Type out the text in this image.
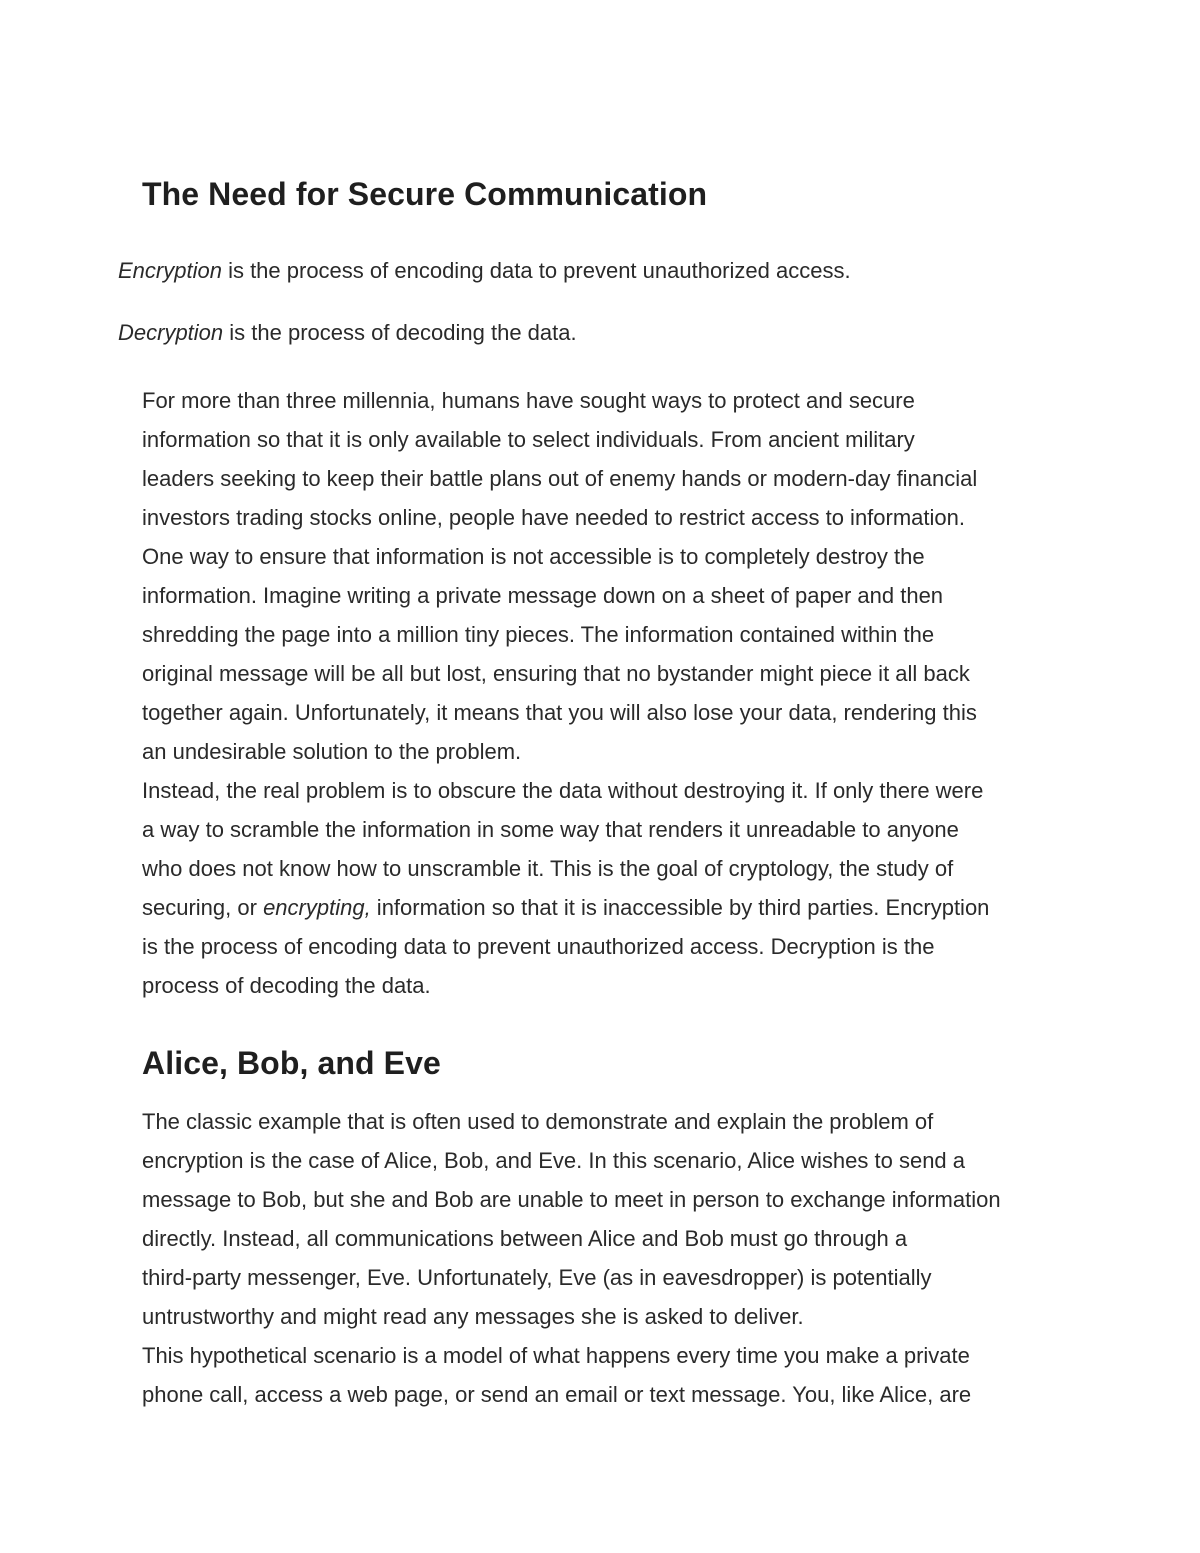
The Need for Secure Communication

Encryption is the process of encoding data to prevent unauthorized access.

Decryption is the process of decoding the data.

For more than three millennia, humans have sought ways to protect and secure
information so that it is only available to select individuals. From ancient military
leaders seeking to keep their battle plans out of enemy hands or modern-day financial
investors trading stocks online, people have needed to restrict access to information.
One way to ensure that information is not accessible is to completely destroy the
information. Imagine writing a private message down on a sheet of paper and then
shredding the page into a million tiny pieces. The information contained within the
original message will be all but lost, ensuring that no bystander might piece it all back
together again. Unfortunately, it means that you will also lose your data, rendering this
an undesirable solution to the problem.
Instead, the real problem is to obscure the data without destroying it. If only there were
a way to scramble the information in some way that renders it unreadable to anyone
who does not know how to unscramble it. This is the goal of cryptology, the study of
securing, or encrypting, information so that it is inaccessible by third parties. Encryption
is the process of encoding data to prevent unauthorized access. Decryption is the
process of decoding the data.
Alice, Bob, and Eve
The classic example that is often used to demonstrate and explain the problem of
encryption is the case of Alice, Bob, and Eve. In this scenario, Alice wishes to send a
message to Bob, but she and Bob are unable to meet in person to exchange information
directly. Instead, all communications between Alice and Bob must go through a
third-party messenger, Eve. Unfortunately, Eve (as in eavesdropper) is potentially
untrustworthy and might read any messages she is asked to deliver.
This hypothetical scenario is a model of what happens every time you make a private
phone call, access a web page, or send an email or text message. You, like Alice, are
